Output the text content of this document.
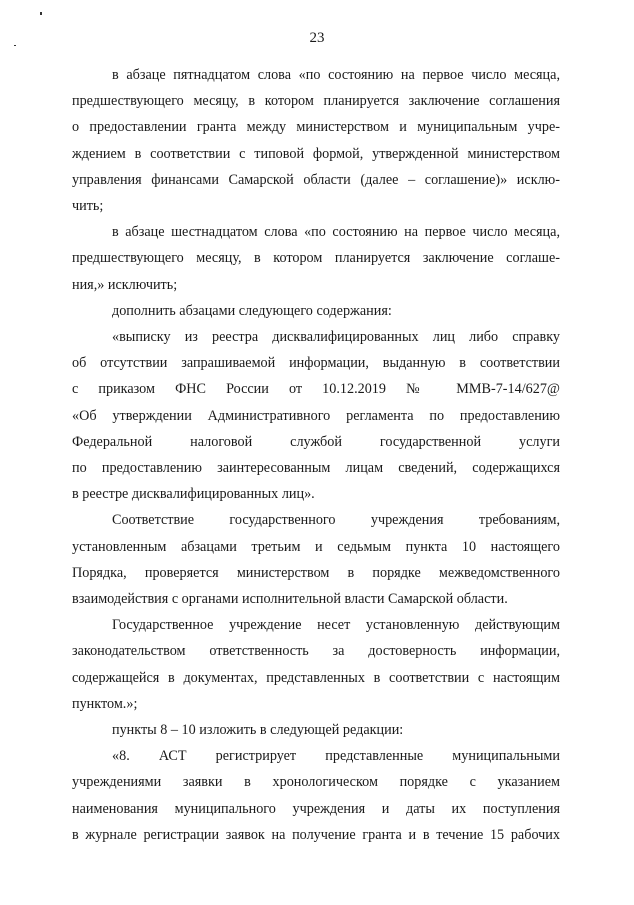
23

в абзаце пятнадцатом слова «по состоянию на первое число месяца,
предшествующего месяцу, в котором планируется заключение соглашения
о предоставлении гранта между министерством и муниципальным учре-
ждением в соответствии с типовой формой, утвержденной министерством
управления финансами Самарской области (далее – соглашение)» исклю-
чить;

в абзаце шестнадцатом слова «по состоянию на первое число месяца,
предшествующего месяцу, в котором планируется заключение соглаше-
ния,» исключить;

дополнить абзацами следующего содержания:

«выписку из реестра дисквалифицированных лиц либо справку
об отсутствии запрашиваемой информации, выданную в соответствии
с приказом ФНС России от 10.12.2019 № ММВ-7-14/627@
«Об утверждении Административного регламента по предоставлению
Федеральной налоговой службой государственной услуги
по предоставлению заинтересованным лицам сведений, содержащихся
в реестре дисквалифицированных лиц».

Соответствие государственного учреждения требованиям,
установленным абзацами третьим и седьмым пункта 10 настоящего
Порядка, проверяется министерством в порядке межведомственного
взаимодействия с органами исполнительной власти Самарской области.

Государственное учреждение несет установленную действующим
законодательством ответственность за достоверность информации,
содержащейся в документах, представленных в соответствии с настоящим
пунктом.»;

пункты 8 – 10 изложить в следующей редакции:

«8. АСТ регистрирует представленные муниципальными
учреждениями заявки в хронологическом порядке с указанием
наименования муниципального учреждения и даты их поступления
в журнале регистрации заявок на получение гранта и в течение 15 рабочих
